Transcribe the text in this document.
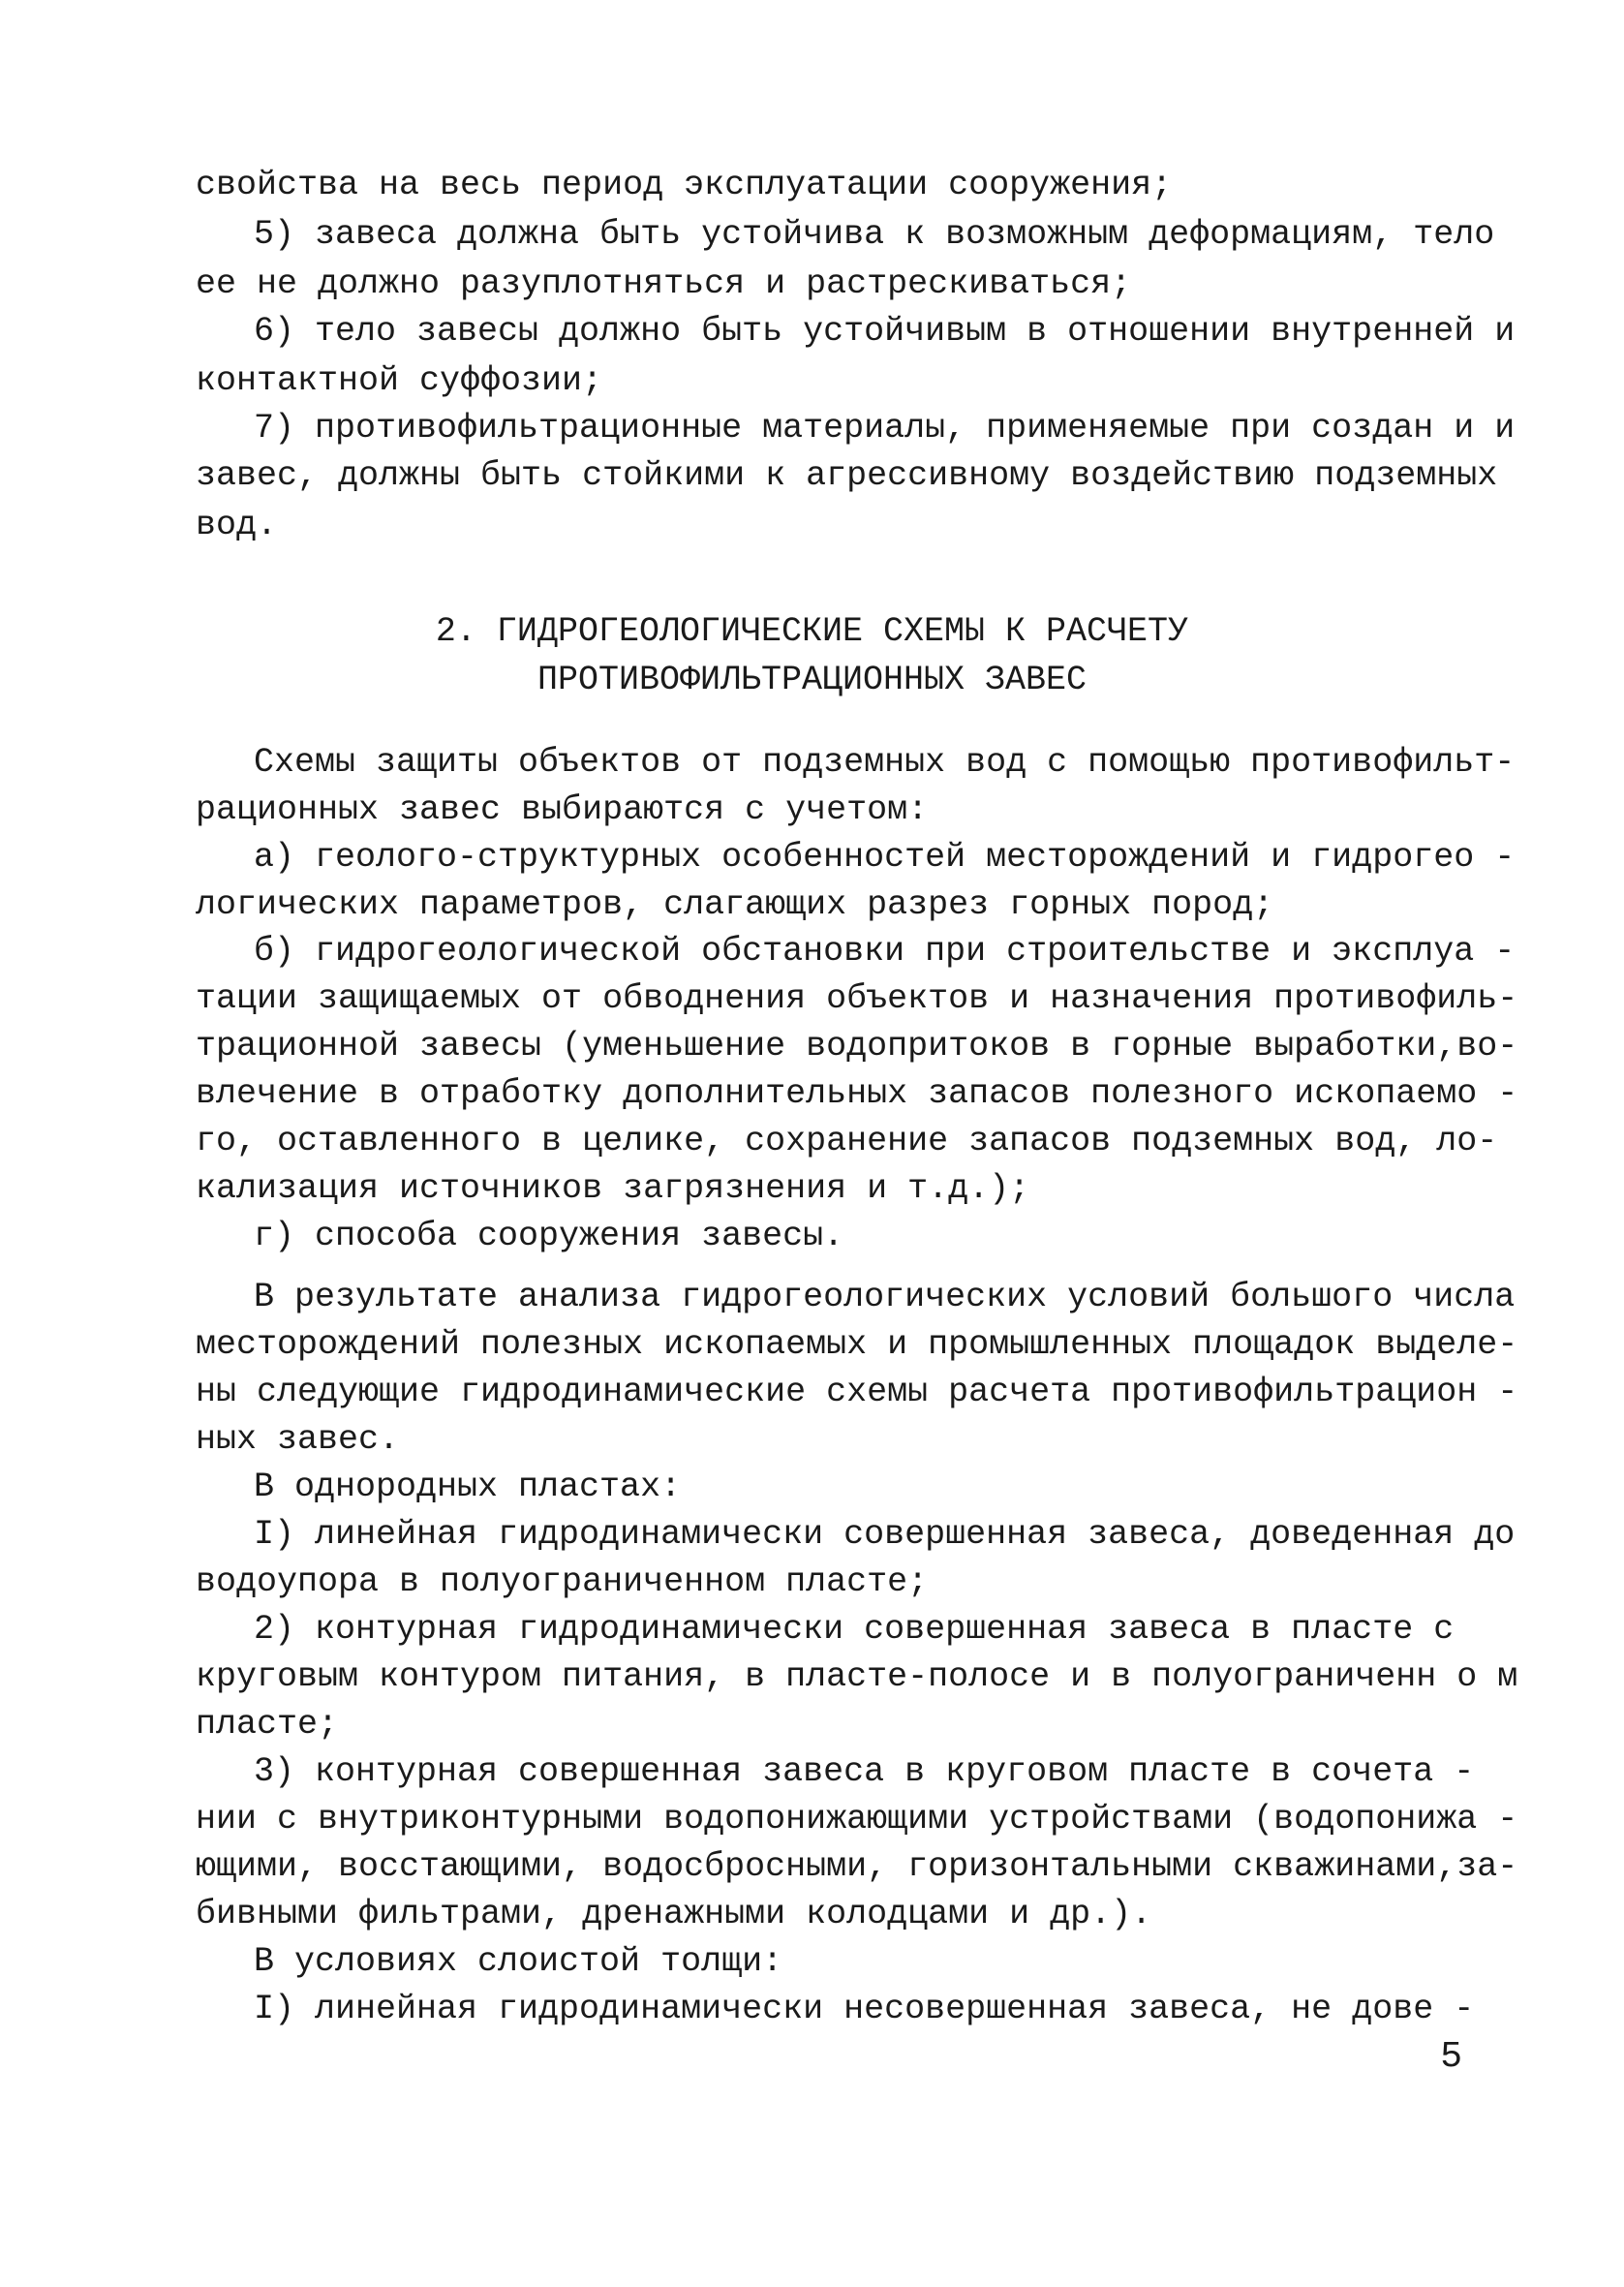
свойства на весь период эксплуатации сооружения;
5) завеса должна быть устойчива к возможным деформациям, тело
ее не должно разуплотняться и растрескиваться;
6) тело завесы должно быть устойчивым в отношении внутренней и
контактной суффозии;
7) противофильтрационные материалы, применяемые при создан и и
завес, должны быть стойкими к агрессивному воздействию подземных
вод.
2. ГИДРОГЕОЛОГИЧЕСКИЕ СХЕМЫ К РАСЧЕТУ
ПРОТИВОФИЛЬТРАЦИОННЫХ ЗАВЕС
Схемы защиты объектов от подземных вод с помощью противофильт-
рационных завес выбираются с учетом:
а) геолого-структурных особенностей месторождений и гидрогео -
логических параметров, слагающих разрез горных пород;
б) гидрогеологической обстановки при строительстве и эксплуа -
тации защищаемых от обводнения объектов и назначения противофиль-
трационной завесы (уменьшение водопритоков в горные выработки,во-
влечение в отработку дополнительных запасов полезного ископаемо -
го, оставленного в целике, сохранение запасов подземных вод, ло-
кализация источников загрязнения и т.д.);
г) способа сооружения завесы.
В результате анализа гидрогеологических условий большого числа
месторождений полезных ископаемых и промышленных площадок выделе-
ны следующие гидродинамические схемы расчета противофильтрацион -
ных завес.
В однородных пластах:
I) линейная гидродинамически совершенная завеса, доведенная до
водоупора в полуограниченном пласте;
2) контурная гидродинамически совершенная завеса в пласте с
круговым контуром питания, в пласте-полосе и в полуограниченн о м
пласте;
3) контурная совершенная завеса в круговом пласте в сочета -
нии с внутриконтурными водопонижающими устройствами (водопонижа -
ющими, восстающими, водосбросными, горизонтальными скважинами,за-
бивными фильтрами, дренажными колодцами и др.).
В условиях слоистой толщи:
I) линейная гидродинамически несовершенная завеса, не дове -
5
